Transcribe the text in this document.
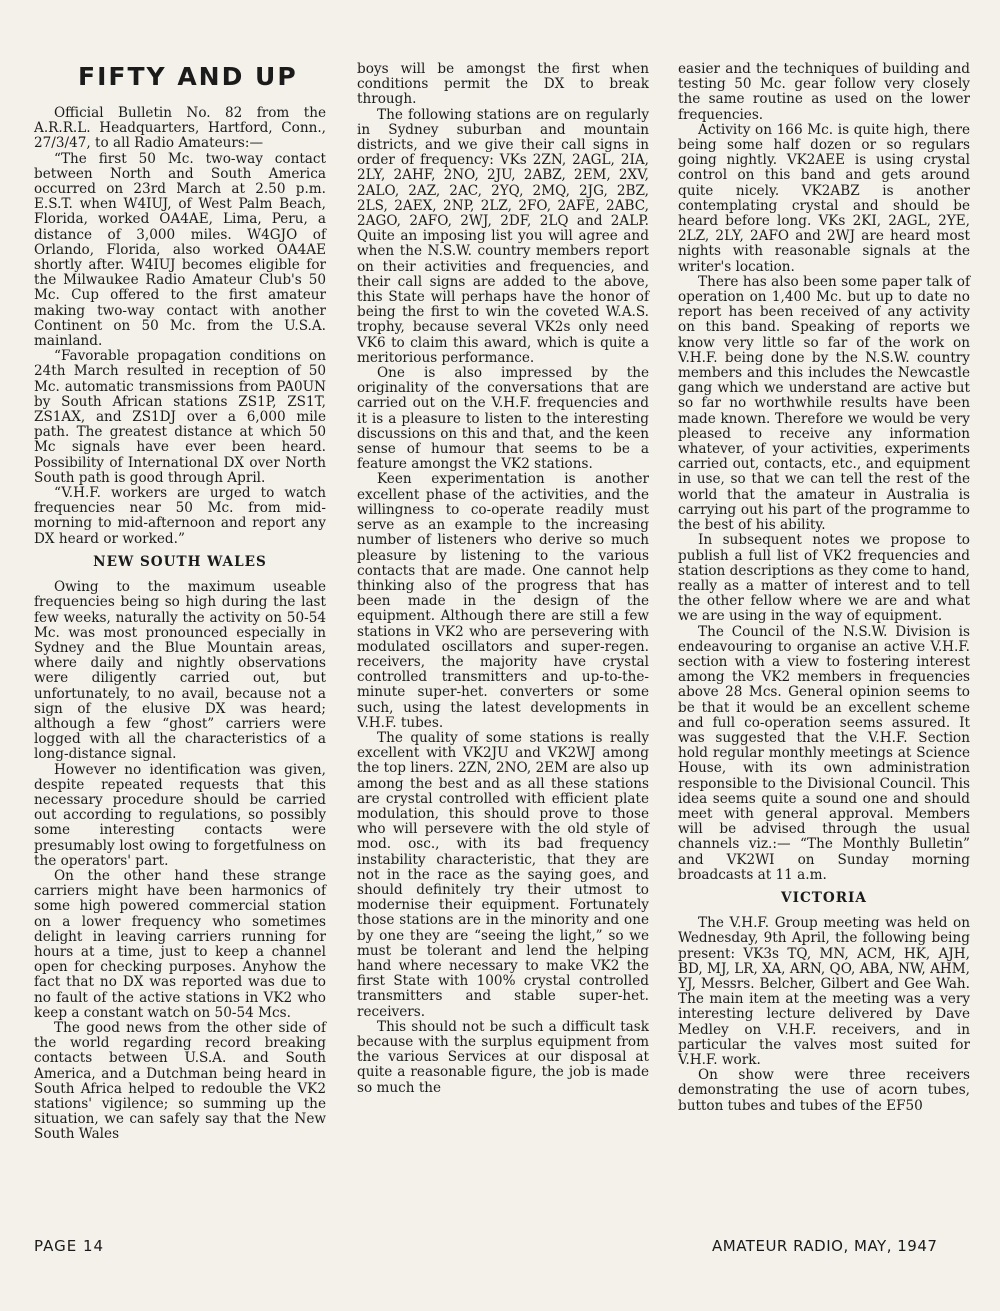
FIFTY AND UP

Official Bulletin No. 82 from the A.R.R.L. Headquarters, Hartford, Conn., 27/3/47, to all Radio Amateurs:—

“The first 50 Mc. two-way contact between North and South America occurred on 23rd March at 2.50 p.m. E.S.T. when W4IUJ, of West Palm Beach, Florida, worked OA4AE, Lima, Peru, a distance of 3,000 miles. W4GJO of Orlando, Florida, also worked OA4AE shortly after. W4IUJ becomes eligible for the Milwaukee Radio Amateur Club's 50 Mc. Cup offered to the first amateur making two-way contact with another Continent on 50 Mc. from the U.S.A. mainland.

“Favorable propagation conditions on 24th March resulted in reception of 50 Mc. automatic transmissions from PA0UN by South African stations ZS1P, ZS1T, ZS1AX, and ZS1DJ over a 6,000 mile path. The greatest distance at which 50 Mc signals have ever been heard. Possibility of International DX over North South path is good through April.

“V.H.F. workers are urged to watch frequencies near 50 Mc. from mid-morning to mid-afternoon and report any DX heard or worked.”

NEW SOUTH WALES

Owing to the maximum useable frequencies being so high during the last few weeks, naturally the activity on 50-54 Mc. was most pronounced especially in Sydney and the Blue Mountain areas, where daily and nightly observations were diligently carried out, but unfortunately, to no avail, because not a sign of the elusive DX was heard; although a few “ghost” carriers were logged with all the characteristics of a long-distance signal.

However no identification was given, despite repeated requests that this necessary procedure should be carried out according to regulations, so possibly some interesting contacts were presumably lost owing to forgetfulness on the operators' part.

On the other hand these strange carriers might have been harmonics of some high powered commercial station on a lower frequency who sometimes delight in leaving carriers running for hours at a time, just to keep a channel open for checking purposes. Anyhow the fact that no DX was reported was due to no fault of the active stations in VK2 who keep a constant watch on 50-54 Mcs.

The good news from the other side of the world regarding record breaking contacts between U.S.A. and South America, and a Dutchman being heard in South Africa helped to redouble the VK2 stations' vigilence; so summing up the situation, we can safely say that the New South Wales

boys will be amongst the first when conditions permit the DX to break through.

The following stations are on regularly in Sydney suburban and mountain districts, and we give their call signs in order of frequency: VKs 2ZN, 2AGL, 2IA, 2LY, 2AHF, 2NO, 2JU, 2ABZ, 2EM, 2XV, 2ALO, 2AZ, 2AC, 2YQ, 2MQ, 2JG, 2BZ, 2LS, 2AEX, 2NP, 2LZ, 2FO, 2AFE, 2ABC, 2AGO, 2AFO, 2WJ, 2DF, 2LQ and 2ALP. Quite an imposing list you will agree and when the N.S.W. country members report on their activities and frequencies, and their call signs are added to the above, this State will perhaps have the honor of being the first to win the coveted W.A.S. trophy, because several VK2s only need VK6 to claim this award, which is quite a meritorious performance.

One is also impressed by the originality of the conversations that are carried out on the V.H.F. frequencies and it is a pleasure to listen to the interesting discussions on this and that, and the keen sense of humour that seems to be a feature amongst the VK2 stations.

Keen experimentation is another excellent phase of the activities, and the willingness to co-operate readily must serve as an example to the increasing number of listeners who derive so much pleasure by listening to the various contacts that are made. One cannot help thinking also of the progress that has been made in the design of the equipment. Although there are still a few stations in VK2 who are persevering with modulated oscillators and super-regen. receivers, the majority have crystal controlled transmitters and up-to-the-minute super-het. converters or some such, using the latest developments in V.H.F. tubes.

The quality of some stations is really excellent with VK2JU and VK2WJ among the top liners. 2ZN, 2NO, 2EM are also up among the best and as all these stations are crystal controlled with efficient plate modulation, this should prove to those who will persevere with the old style of mod. osc., with its bad frequency instability characteristic, that they are not in the race as the saying goes, and should definitely try their utmost to modernise their equipment. Fortunately those stations are in the minority and one by one they are “seeing the light,” so we must be tolerant and lend the helping hand where necessary to make VK2 the first State with 100% crystal controlled transmitters and stable super-het. receivers.

This should not be such a difficult task because with the surplus equipment from the various Services at our disposal at quite a reasonable figure, the job is made so much the

easier and the techniques of building and testing 50 Mc. gear follow very closely the same routine as used on the lower frequencies.

Activity on 166 Mc. is quite high, there being some half dozen or so regulars going nightly. VK2AEE is using crystal control on this band and gets around quite nicely. VK2ABZ is another contemplating crystal and should be heard before long. VKs 2KI, 2AGL, 2YE, 2LZ, 2LY, 2AFO and 2WJ are heard most nights with reasonable signals at the writer's location.

There has also been some paper talk of operation on 1,400 Mc. but up to date no report has been received of any activity on this band. Speaking of reports we know very little so far of the work on V.H.F. being done by the N.S.W. country members and this includes the Newcastle gang which we understand are active but so far no worthwhile results have been made known. Therefore we would be very pleased to receive any information whatever, of your activities, experiments carried out, contacts, etc., and equipment in use, so that we can tell the rest of the world that the amateur in Australia is carrying out his part of the programme to the best of his ability.

In subsequent notes we propose to publish a full list of VK2 frequencies and station descriptions as they come to hand, really as a matter of interest and to tell the other fellow where we are and what we are using in the way of equipment.

The Council of the N.S.W. Division is endeavouring to organise an active V.H.F. section with a view to fostering interest among the VK2 members in frequencies above 28 Mcs. General opinion seems to be that it would be an excellent scheme and full co-operation seems assured. It was suggested that the V.H.F. Section hold regular monthly meetings at Science House, with its own administration responsible to the Divisional Council. This idea seems quite a sound one and should meet with general approval. Members will be advised through the usual channels viz.:— “The Monthly Bulletin” and VK2WI on Sunday morning broadcasts at 11 a.m.

VICTORIA

The V.H.F. Group meeting was held on Wednesday, 9th April, the following being present: VK3s TQ, MN, ACM, HK, AJH, BD, MJ, LR, XA, ARN, QO, ABA, NW, AHM, YJ, Messrs. Belcher, Gilbert and Gee Wah. The main item at the meeting was a very interesting lecture delivered by Dave Medley on V.H.F. receivers, and in particular the valves most suited for V.H.F. work.

On show were three receivers demonstrating the use of acorn tubes, button tubes and tubes of the EF50

PAGE 14	AMATEUR RADIO, MAY, 1947
